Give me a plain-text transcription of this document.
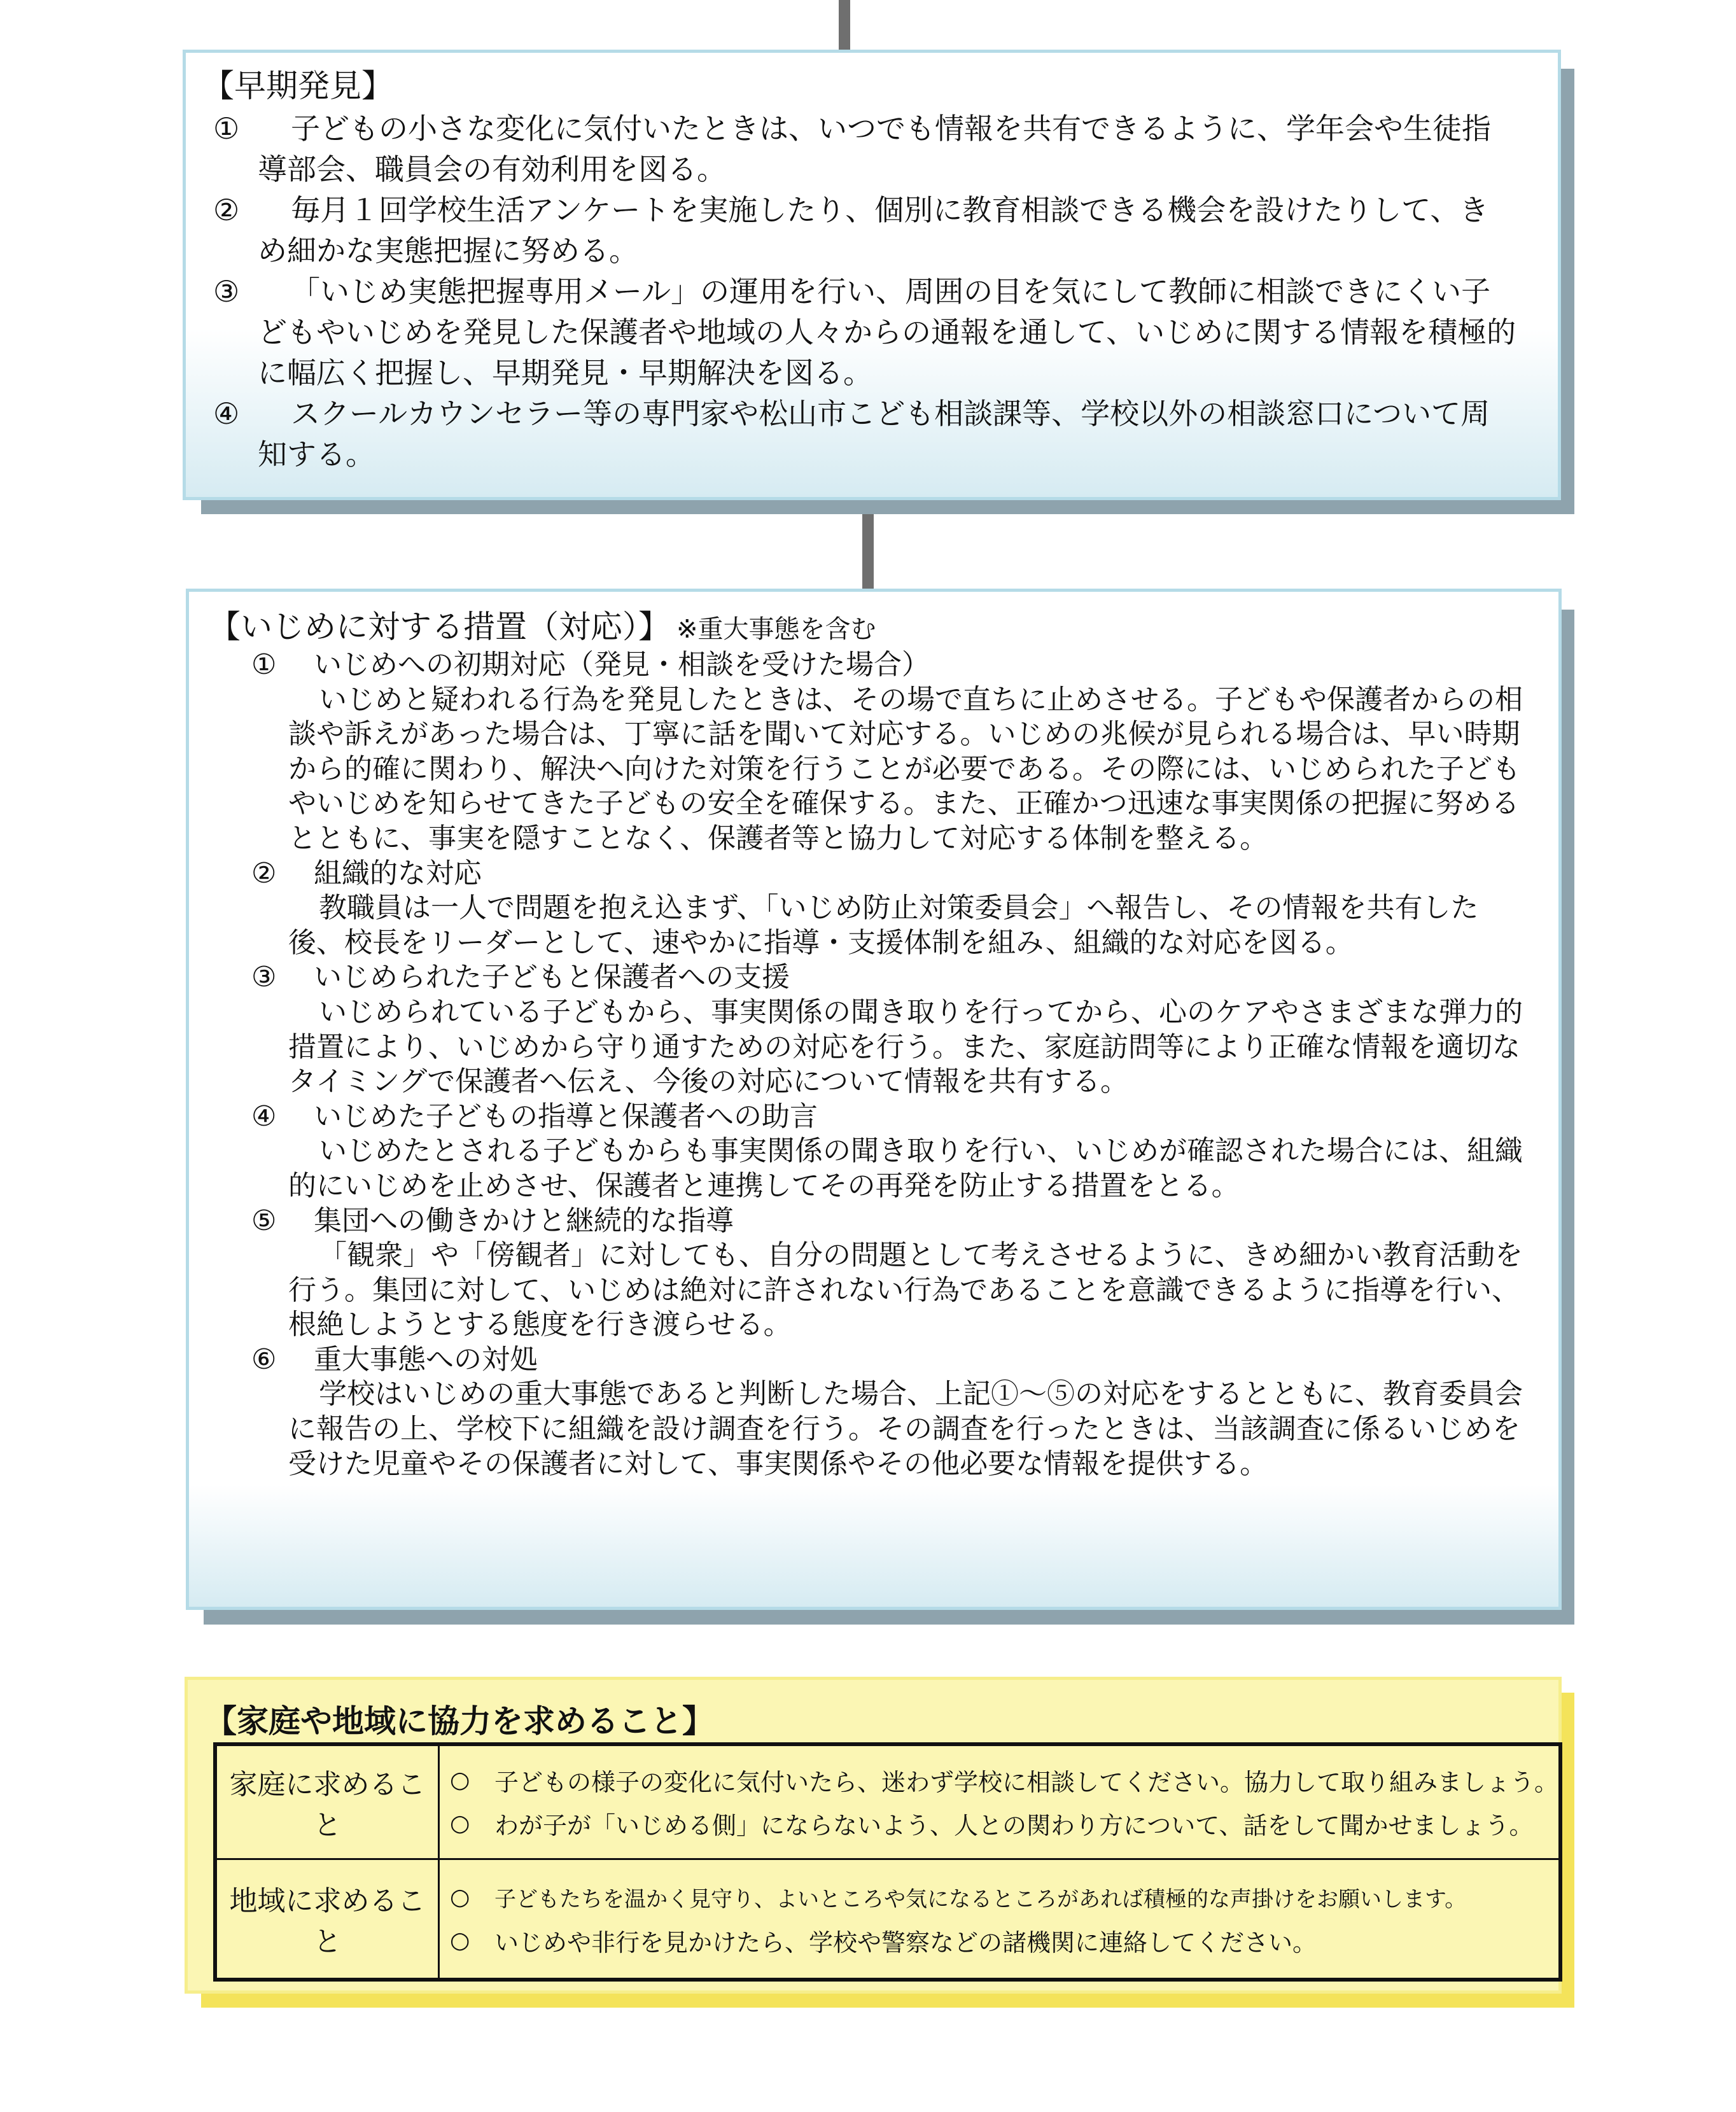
【早期発見】
①	子どもの小さな変化に気付いたときは、いつでも情報を共有できるように、学年会や生徒指導部会、職員会の有効利用を図る。
②	毎月１回学校生活アンケートを実施したり、個別に教育相談できる機会を設けたりして、きめ細かな実態把握に努める。
③	「いじめ実態把握専用メール」の運用を行い、周囲の目を気にして教師に相談できにくい子どもやいじめを発見した保護者や地域の人々からの通報を通して、いじめに関する情報を積極的に幅広く把握し、早期発見・早期解決を図る。
④	スクールカウンセラー等の専門家や松山市こども相談課等、学校以外の相談窓口について周知する。
【いじめに対する措置（対応）】 ※重大事態を含む
①	いじめへの初期対応（発見・相談を受けた場合）
いじめと疑われる行為を発見したときは、その場で直ちに止めさせる。子どもや保護者からの相談や訴えがあった場合は、丁寧に話を聞いて対応する。いじめの兆候が見られる場合は、早い時期から的確に関わり、解決へ向けた対策を行うことが必要である。その際には、いじめられた子どもやいじめを知らせてきた子どもの安全を確保する。また、正確かつ迅速な事実関係の把握に努めるとともに、事実を隠すことなく、保護者等と協力して対応する体制を整える。
②	組織的な対応
教職員は一人で問題を抱え込まず、「いじめ防止対策委員会」へ報告し、その情報を共有した後、校長をリーダーとして、速やかに指導・支援体制を組み、組織的な対応を図る。
③	いじめられた子どもと保護者への支援
いじめられている子どもから、事実関係の聞き取りを行ってから、心のケアやさまざまな弾力的措置により、いじめから守り通すための対応を行う。また、家庭訪問等により正確な情報を適切なタイミングで保護者へ伝え、今後の対応について情報を共有する。
④	いじめた子どもの指導と保護者への助言
いじめたとされる子どもからも事実関係の聞き取りを行い、いじめが確認された場合には、組織的にいじめを止めさせ、保護者と連携してその再発を防止する措置をとる。
⑤	集団への働きかけと継続的な指導
「観衆」や「傍観者」に対しても、自分の問題として考えさせるように、きめ細かい教育活動を行う。集団に対して、いじめは絶対に許されない行為であることを意識できるように指導を行い、根絶しようとする態度を行き渡らせる。
⑥	重大事態への対処
学校はいじめの重大事態であると判断した場合、上記①～⑤の対応をするとともに、教育委員会に報告の上、学校下に組織を設け調査を行う。その調査を行ったときは、当該調査に係るいじめを受けた児童やその保護者に対して、事実関係やその他必要な情報を提供する。
【家庭や地域に協力を求めること】
家庭に求めること	○ 子どもの様子の変化に気付いたら、迷わず学校に相談してください。協力して取り組みましょう。
○ わが子が「いじめる側」にならないよう、人との関わり方について、話をして聞かせましょう。

地域に求めること	○ 子どもたちを温かく見守り、よいところや気になるところがあれば積極的な声掛けをお願いします。
○ いじめや非行を見かけたら、学校や警察などの諸機関に連絡してください。
